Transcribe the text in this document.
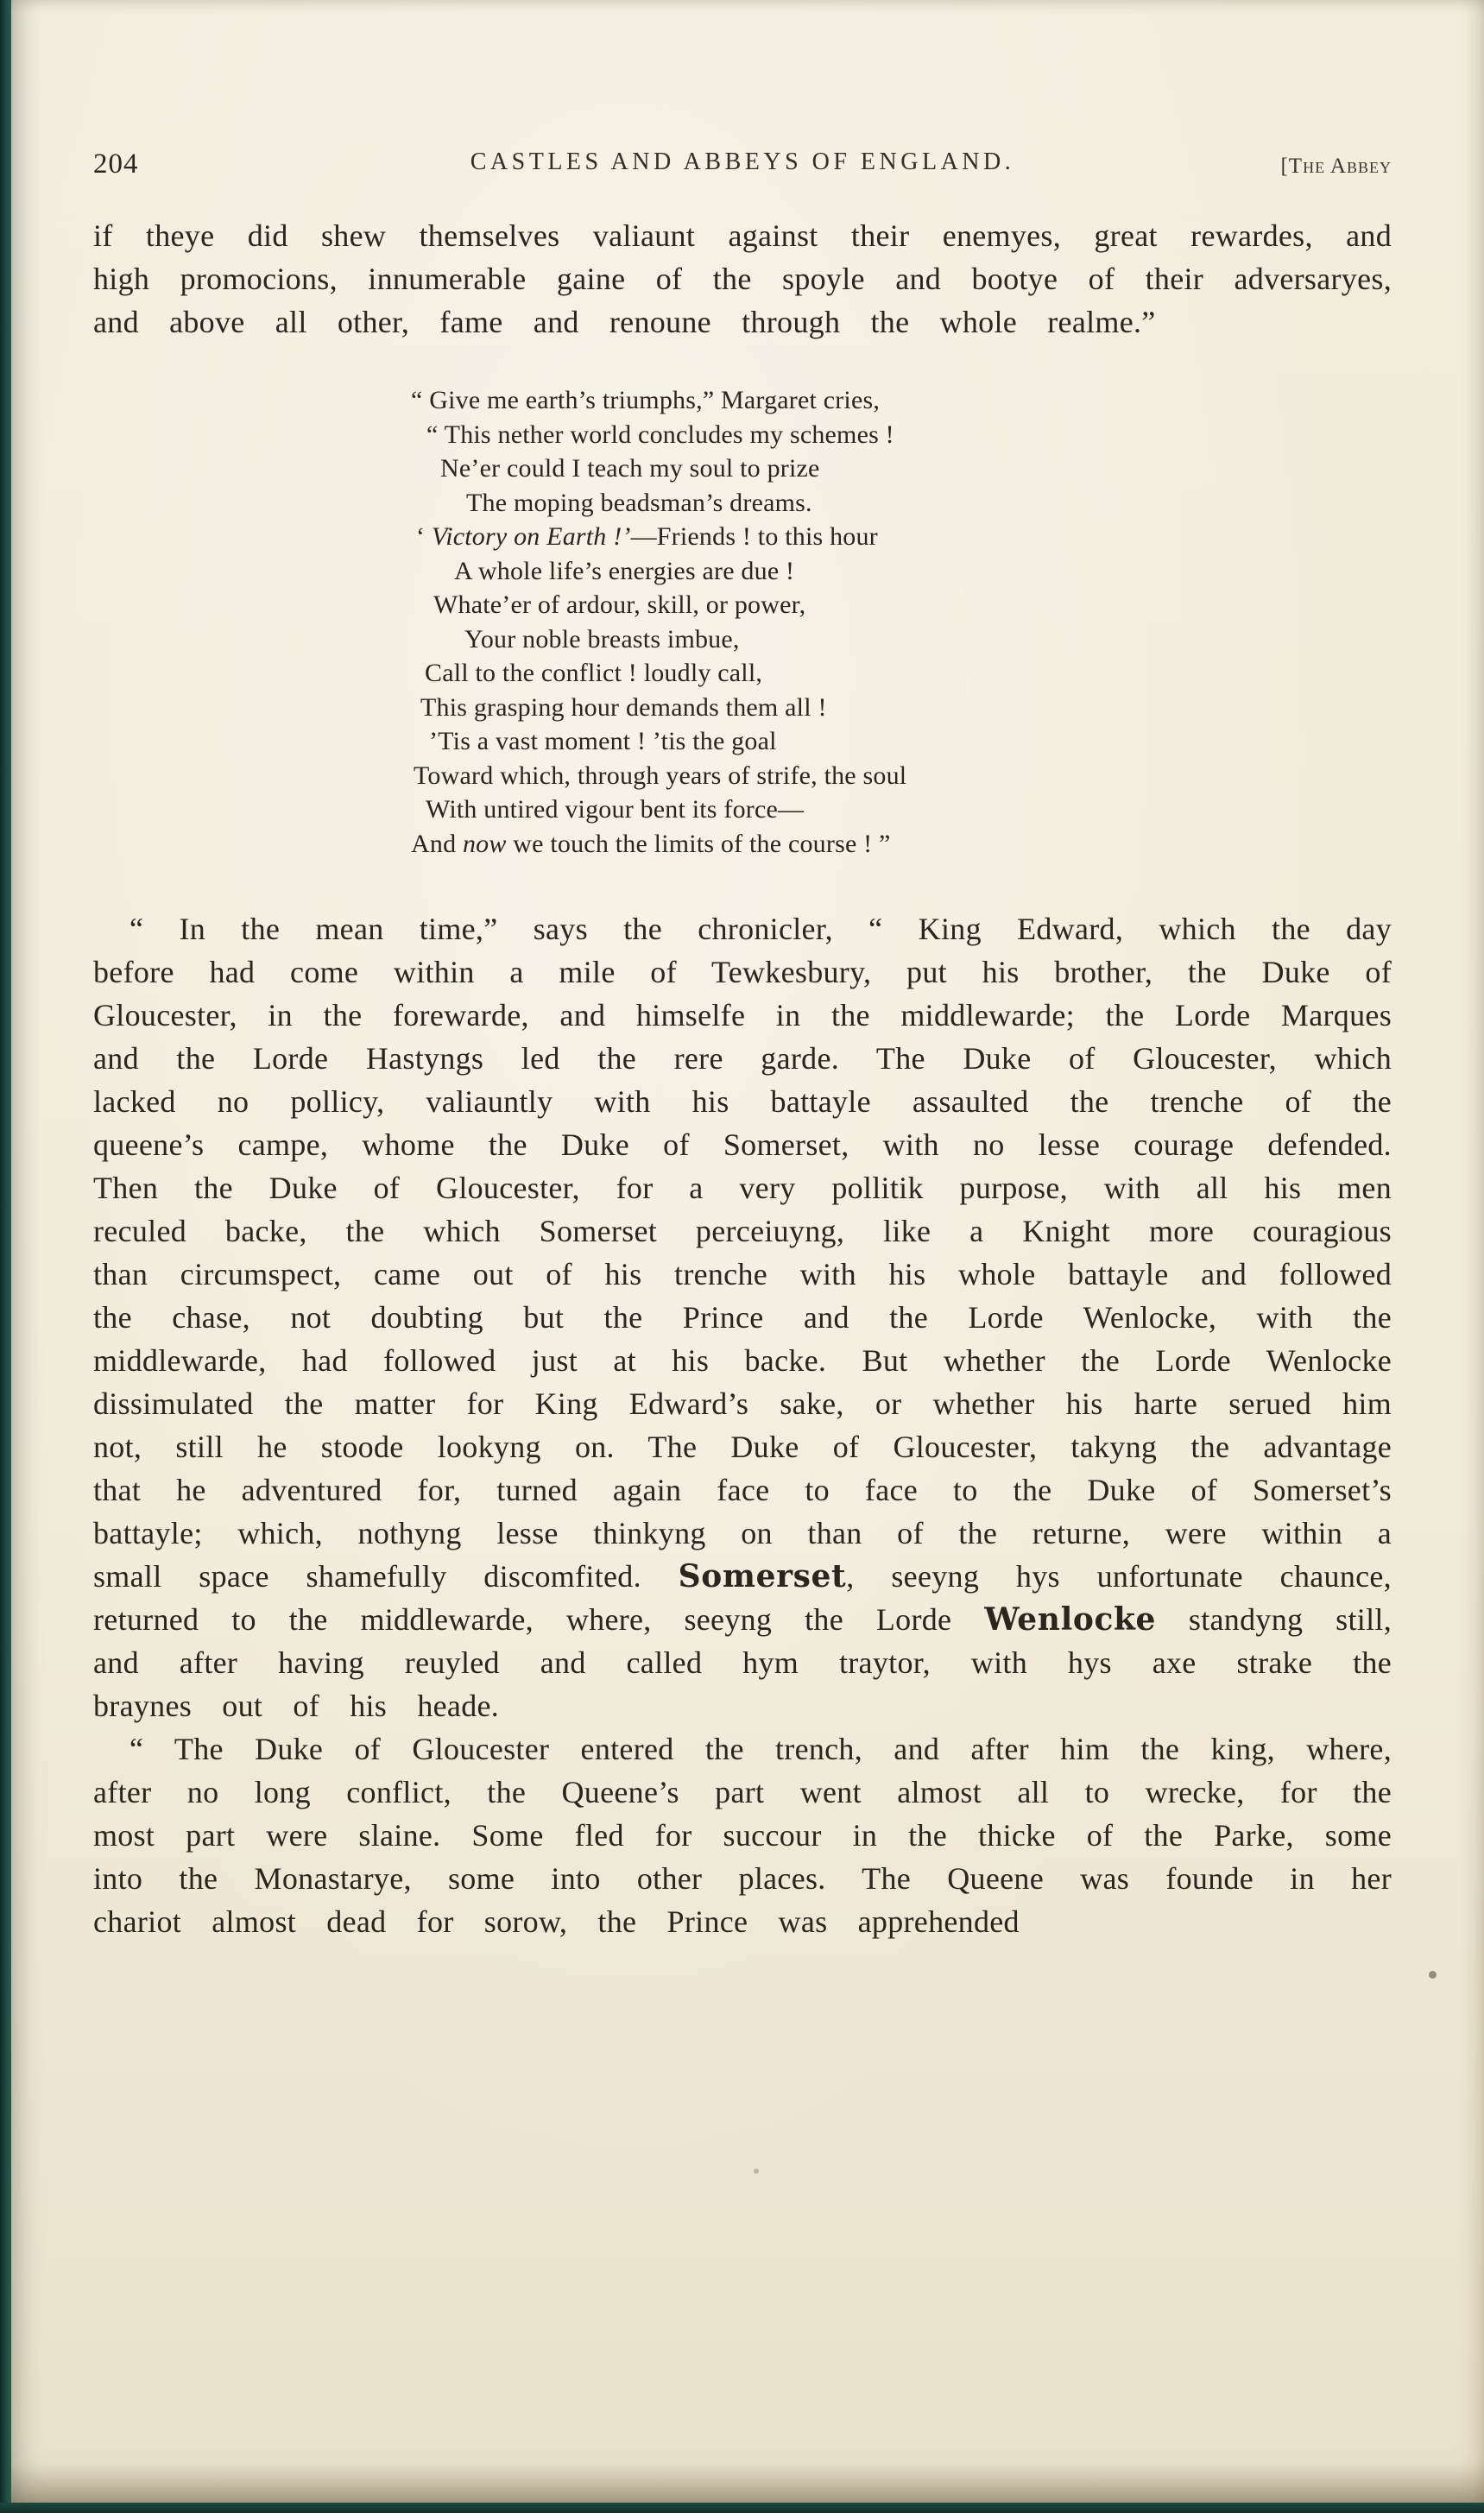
204	CASTLES AND ABBEYS OF ENGLAND.	[The Abbey

if theye did shew themselves valiaunt against their enemyes, great rewardes, and high promocions, innumerable gaine of the spoyle and bootye of their adversaryes, and above all other, fame and renoune through the whole realme.”

“ Give me earth’s triumphs,” Margaret cries,
“ This nether world concludes my schemes !
Ne’er could I teach my soul to prize
The moping beadsman’s dreams.
‘ Victory on Earth !’—Friends ! to this hour
A whole life’s energies are due !
Whate’er of ardour, skill, or power,
Your noble breasts imbue,
Call to the conflict ! loudly call,
This grasping hour demands them all !
’Tis a vast moment ! ’tis the goal
Toward which, through years of strife, the soul
With untired vigour bent its force—
And now we touch the limits of the course ! ”

“ In the mean time,” says the chronicler, “ King Edward, which the day before had come within a mile of Tewkesbury, put his brother, the Duke of Gloucester, in the forewarde, and himselfe in the middlewarde; the Lorde Marques and the Lorde Hastyngs led the rere garde. The Duke of Gloucester, which lacked no pollicy, valiauntly with his battayle assaulted the trenche of the queene’s campe, whome the Duke of Somerset, with no lesse courage defended. Then the Duke of Gloucester, for a very pollitik purpose, with all his men reculed backe, the which Somerset perceiuyng, like a Knight more couragious than circumspect, came out of his trenche with his whole battayle and followed the chase, not doubting but the Prince and the Lorde Wenlocke, with the middlewarde, had followed just at his backe. But whether the Lorde Wenlocke dissimulated the matter for King Edward’s sake, or whether his harte serued him not, still he stoode lookyng on. The Duke of Gloucester, takyng the advantage that he adventured for, turned again face to face to the Duke of Somerset’s battayle; which, nothyng lesse thinkyng on than of the returne, were within a small space shamefully discomfited. Somerset, seeyng hys unfortunate chaunce, returned to the middlewarde, where, seeyng the Lorde Wenlocke standyng still, and after having reuyled and called hym traytor, with hys axe strake the braynes out of his heade.

“ The Duke of Gloucester entered the trench, and after him the king, where, after no long conflict, the Queene’s part went almost all to wrecke, for the most part were slaine. Some fled for succour in the thicke of the Parke, some into the Monastarye, some into other places. The Queene was founde in her chariot almost dead for sorow, the Prince was apprehended
